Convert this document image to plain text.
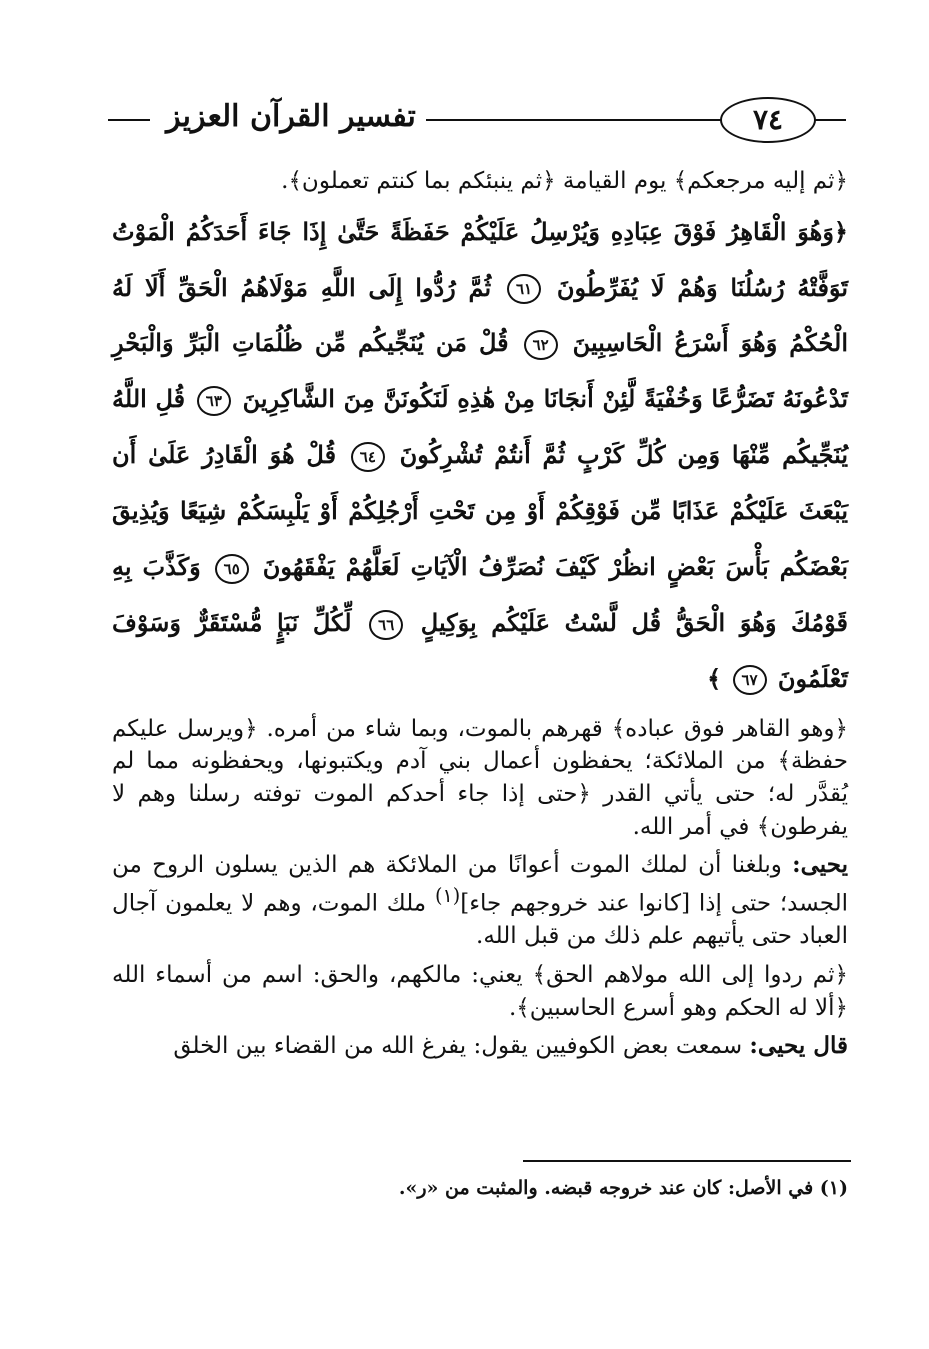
تفسير القرآن العزيز	٧٤

﴿ثم إليه مرجعكم﴾ يوم القيامة ﴿ثم ينبئكم بما كنتم تعملون﴾.

﴿وَهُوَ الْقَاهِرُ فَوْقَ عِبَادِهِ وَيُرْسِلُ عَلَيْكُمْ حَفَظَةً حَتَّىٰ إِذَا جَاءَ أَحَدَكُمُ الْمَوْتُ تَوَفَّتْهُ رُسُلُنَا وَهُمْ لَا يُفَرِّطُونَ ٦١ ثُمَّ رُدُّوا إِلَى اللَّهِ مَوْلَاهُمُ الْحَقِّ أَلَا لَهُ الْحُكْمُ وَهُوَ أَسْرَعُ الْحَاسِبِينَ ٦٢ قُلْ مَن يُنَجِّيكُم مِّن ظُلُمَاتِ الْبَرِّ وَالْبَحْرِ تَدْعُونَهُ تَضَرُّعًا وَخُفْيَةً لَّئِنْ أَنجَانَا مِنْ هَٰذِهِ لَنَكُونَنَّ مِنَ الشَّاكِرِينَ ٦٣ قُلِ اللَّهُ يُنَجِّيكُم مِّنْهَا وَمِن كُلِّ كَرْبٍ ثُمَّ أَنتُمْ تُشْرِكُونَ ٦٤ قُلْ هُوَ الْقَادِرُ عَلَىٰ أَن يَبْعَثَ عَلَيْكُمْ عَذَابًا مِّن فَوْقِكُمْ أَوْ مِن تَحْتِ أَرْجُلِكُمْ أَوْ يَلْبِسَكُمْ شِيَعًا وَيُذِيقَ بَعْضَكُم بَأْسَ بَعْضٍ انظُرْ كَيْفَ نُصَرِّفُ الْآيَاتِ لَعَلَّهُمْ يَفْقَهُونَ ٦٥ وَكَذَّبَ بِهِ قَوْمُكَ وَهُوَ الْحَقُّ قُل لَّسْتُ عَلَيْكُم بِوَكِيلٍ ٦٦ لِّكُلِّ نَبَإٍ مُّسْتَقَرٌّ وَسَوْفَ تَعْلَمُونَ ٦٧ ﴾

﴿وهو القاهر فوق عباده﴾ قهرهم بالموت، وبما شاء من أمره. ﴿ويرسل عليكم حفظة﴾ من الملائكة؛ يحفظون أعمال بني آدم ويكتبونها، ويحفظونه مما لم يُقدَّر له؛ حتى يأتي القدر ﴿حتى إذا جاء أحدكم الموت توفته رسلنا وهم لا يفرطون﴾ في أمر الله.

يحيى: وبلغنا أن لملك الموت أعوانًا من الملائكة هم الذين يسلون الروح من الجسد؛ حتى إذا [كانوا عند خروجهم جاء]$^{(١)}$ ملك الموت، وهم لا يعلمون آجال العباد حتى يأتيهم علم ذلك من قبل الله.

﴿ثم ردوا إلى الله مولاهم الحق﴾ يعني: مالكهم، والحق: اسم من أسماء الله ﴿ألا له الحكم وهو أسرع الحاسبين﴾.

قال يحيى: سمعت بعض الكوفيين يقول: يفرغ الله من القضاء بين الخلق

(١) في الأصل: كان عند خروجه قبضه. والمثبت من «ر».
